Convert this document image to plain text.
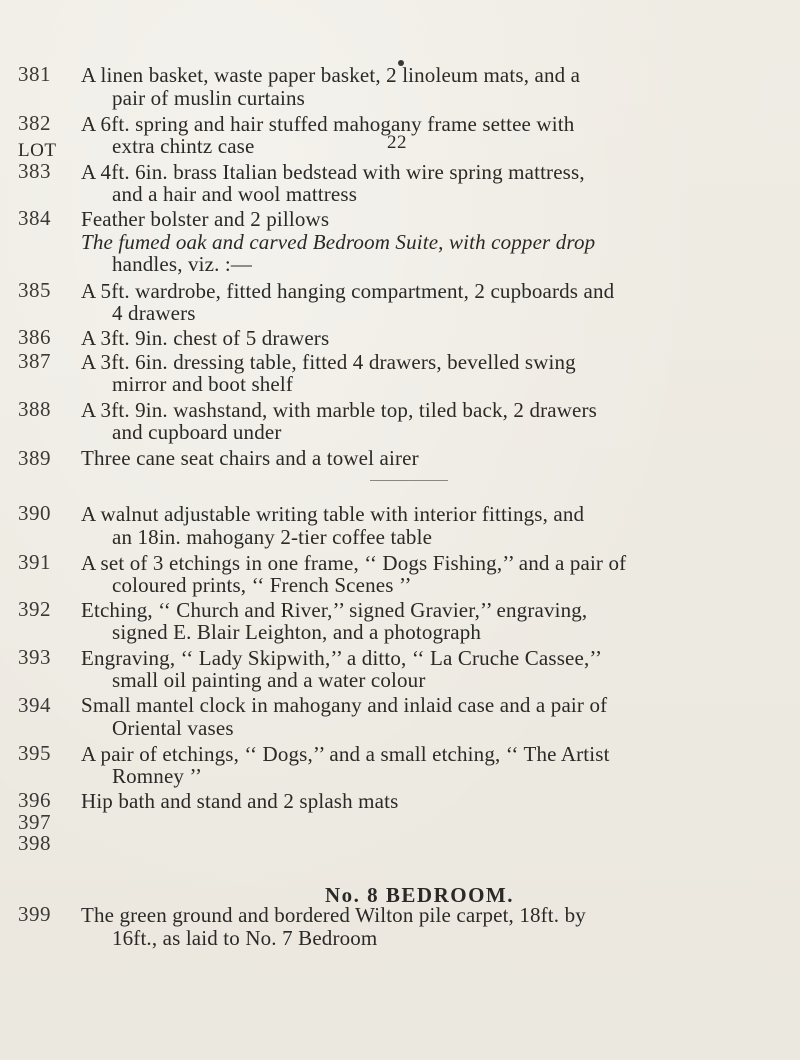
22
LOT
381 A linen basket, waste paper basket, 2 linoleum mats, and a
pair of muslin curtains
382 A 6ft. spring and hair stuffed mahogany frame settee with
extra chintz case
383 A 4ft. 6in. brass Italian bedstead with wire spring mattress,
and a hair and wool mattress
384 Feather bolster and 2 pillows
The fumed oak and carved Bedroom Suite, with copper drop
handles, viz. :—
385 A 5ft. wardrobe, fitted hanging compartment, 2 cupboards and
4 drawers
386 A 3ft. 9in. chest of 5 drawers
387 A 3ft. 6in. dressing table, fitted 4 drawers, bevelled swing
mirror and boot shelf
388 A 3ft. 9in. washstand, with marble top, tiled back, 2 drawers
and cupboard under
389 Three cane seat chairs and a towel airer
390 A walnut adjustable writing table with interior fittings, and
an 18in. mahogany 2-tier coffee table
391 A set of 3 etchings in one frame, ‘‘ Dogs Fishing,’’ and a pair of
coloured prints, ‘‘ French Scenes ’’
392 Etching, ‘‘ Church and River,’’ signed Gravier,’’ engraving,
signed E. Blair Leighton, and a photograph
393 Engraving, ‘‘ Lady Skipwith,’’ a ditto, ‘‘ La Cruche Cassee,’’
small oil painting and a water colour
394 Small mantel clock in mahogany and inlaid case and a pair of
Oriental vases
395 A pair of etchings, ‘‘ Dogs,’’ and a small etching, ‘‘ The Artist
Romney ’’
396 Hip bath and stand and 2 splash mats
397
398
No. 8 BEDROOM.
399 The green ground and bordered Wilton pile carpet, 18ft. by
16ft., as laid to No. 7 Bedroom
